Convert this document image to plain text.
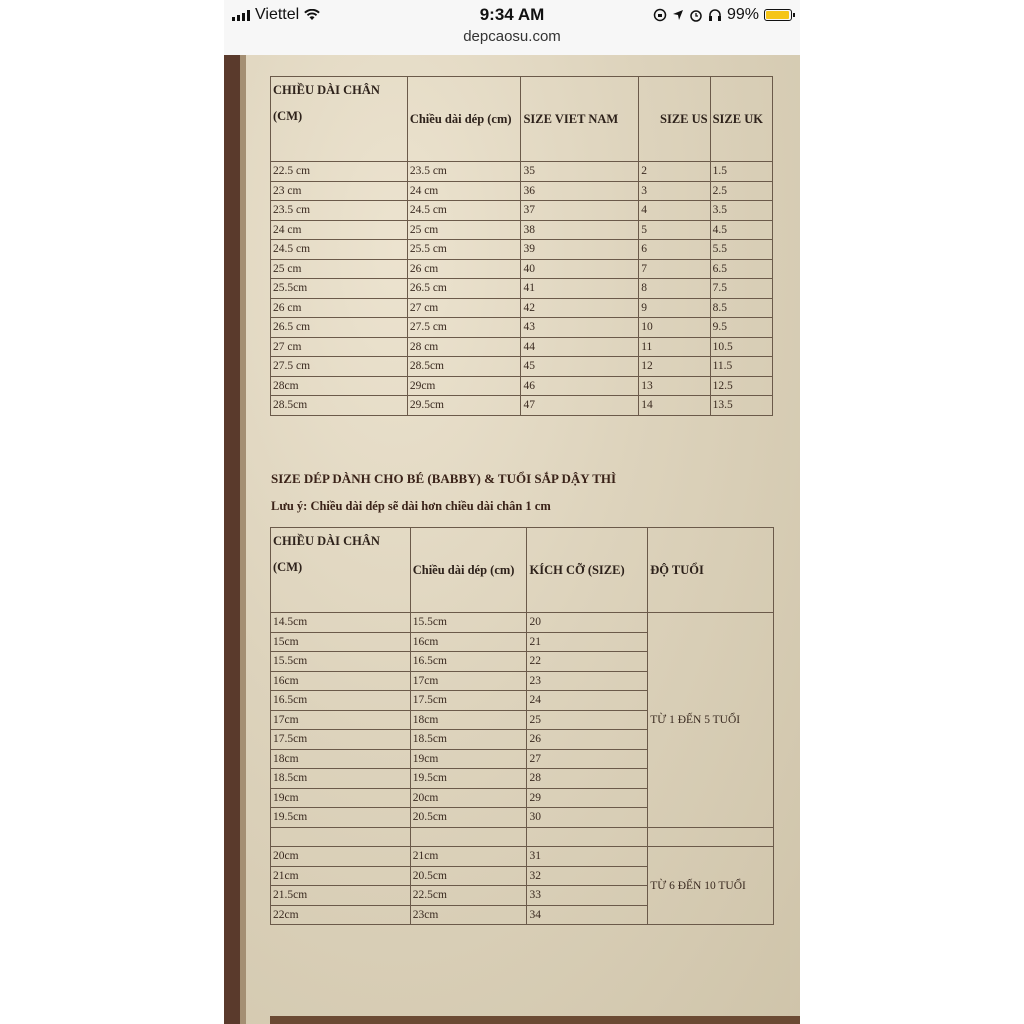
Viettel	9:34 AM	99%
depcaosu.com
CHIỀU DÀI CHÂN
(CM)	Chiều dài dép (cm)	SIZE VIET NAM	SIZE US	SIZE UK
22.5 cm	23.5 cm	35	2	1.5
23 cm	24 cm	36	3	2.5
23.5 cm	24.5 cm	37	4	3.5
24 cm	25 cm	38	5	4.5
24.5 cm	25.5 cm	39	6	5.5
25 cm	26 cm	40	7	6.5
25.5cm	26.5 cm	41	8	7.5
26 cm	27 cm	42	9	8.5
26.5 cm	27.5 cm	43	10	9.5
27 cm	28 cm	44	11	10.5
27.5 cm	28.5cm	45	12	11.5
28cm	29cm	46	13	12.5
28.5cm	29.5cm	47	14	13.5
SIZE DÉP DÀNH CHO BÉ (BABBY) & TUỔI SẮP DẬY THÌ
Lưu ý: Chiều dài dép sẽ dài hơn chiều dài chân 1 cm
CHIỀU DÀI CHÂN
(CM)	Chiều dài dép (cm)	KÍCH CỠ (SIZE)	ĐỘ TUỔI
14.5cm	15.5cm	20	TỪ 1 ĐẾN 5 TUỔI
15cm	16cm	21	
15.5cm	16.5cm	22	
16cm	17cm	23	
16.5cm	17.5cm	24	
17cm	18cm	25	
17.5cm	18.5cm	26	
18cm	19cm	27	
18.5cm	19.5cm	28	
19cm	20cm	29	
19.5cm	20.5cm	30	

20cm	21cm	31	TỪ 6 ĐẾN 10 TUỔI
21cm	20.5cm	32	
21.5cm	22.5cm	33	
22cm	23cm	34	
